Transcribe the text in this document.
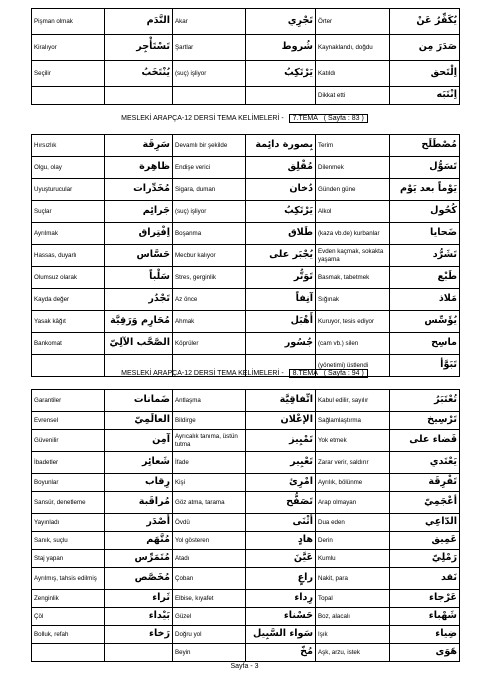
Pişman olmak	النَّدَم	Akar	تَجْرِي	Örter	يُكَفِّرُ عَنْ
Kiralıyor	تَسْتَأْجِر	Şartlar	شُروط	Kaynaklandı, doğdu	صَدَرَ مِن
Seçilir	يُنْتَخَبُ	(suç) işliyor	يَرْتَكِبُ	Katıldı	اِلْتَحق
				Dikkat etti	اِنْتَبَه
MESLEKİ ARAPÇA-12 DERSİ TEMA KELİMELERİ - 7.TEMA ( Sayfa : 83 )
Hırsızlık	سَرِقَة	Devamlı bir şekilde	بِصورة دائِمة	Terim	مُصْطَلَح
Olgu, olay	ظاهِرة	Endişe verici	مُقْلِق	Dilenmek	تَسَوُّل
Uyuşturucular	مُخَدِّرات	Sigara, duman	دُخان	Günden güne	يَوْماً بعد يَوْم
Suçlar	جَرائِم	(suç) işliyor	يَرْتَكِبُ	Alkol	كُحُول
Ayrılmak	اِفْتِراق	Boşanma	طَلاق	(kaza vb.de) kurbanlar	ضَحايا
Hassas, duyarlı	حَسَّاس	Mecbur kalıyor	يُجْبَر على	Evden kaçmak, sokakta yaşama	تَشَرُّد
Olumsuz olarak	سَلْباً	Stres, gerginlik	تَوَتُّر	Basmak, tabetmek	طَبْع
Kayda değer	تَجْدُر	Az önce	آنِفاً	Sığınak	مَلاذ
Yasak kâğıt	مُحَارِم وَرَقِيَّة	Ahmak	أَهْبَل	Kuruyor, tesis ediyor	يُؤَسِّس
Bankomat	الصَّحَّب الآلِيّ	Köprüler	جُسُور	(cam vb.) silen	ماسِح
				(yönetimi) üstlendi	تَبَوَّأ
MESLEKİ ARAPÇA-12 DERSİ TEMA KELİMELERİ - 8.TEMA ( Sayfa : 94 )
Garantiler	ضَمانات	Antlaşma	اتِّفاقِيَّة	Kabul edilir, sayılır	تُعْتَبَرُ
Evrensel	العالَمِيّ	Bildirge	الإعْلان	Sağlamlaştırma	تَرْسِيخ
Güvenilir	آمِن	Ayrıcalık tanıma, üstün tutma	تَمْيِيز	Yok etmek	قَضاء على
İbadetler	شَعائِر	İfade	تَعْبِير	Zarar verir, saldırır	يَعْتَدي
Boyunlar	رِقاب	Kişi	امْرِئ	Ayrılık, bölünme	تَفْرِقَة
Sansür, denetleme	مُراقَبة	Göz atma, tarama	تَصَفُّح	Arap olmayan	أعْجَمِيّ
Yayınladı	أَصْدَر	Övdü	أَثْنَى	Dua eden	الدّاعِي
Sanık, suçlu	مُتَّهَم	Yol gösteren	هادٍ	Derin	عَمِيق
Staj yapan	مُتَمَرِّس	Atadı	عَيَّنَ	Kumlu	رَمْلِيّ
Ayrılmış, tahsis edilmiş	مُخَصَّص	Çoban	راعٍ	Nakit, para	نَقد
Zenginlik	ثَراء	Elbise, kıyafet	رِداء	Topal	عَرْجاء
Çöl	بَيْداء	Güzel	حَسْناء	Boz, alacalı	شَهْباء
Bolluk, refah	رَخاء	Doğru yol	سَواء السَّبِيل	Işık	ضِياء
		Beyin	مُخّ	Aşk, arzu, istek	هَوَى
Sayfa - 3
